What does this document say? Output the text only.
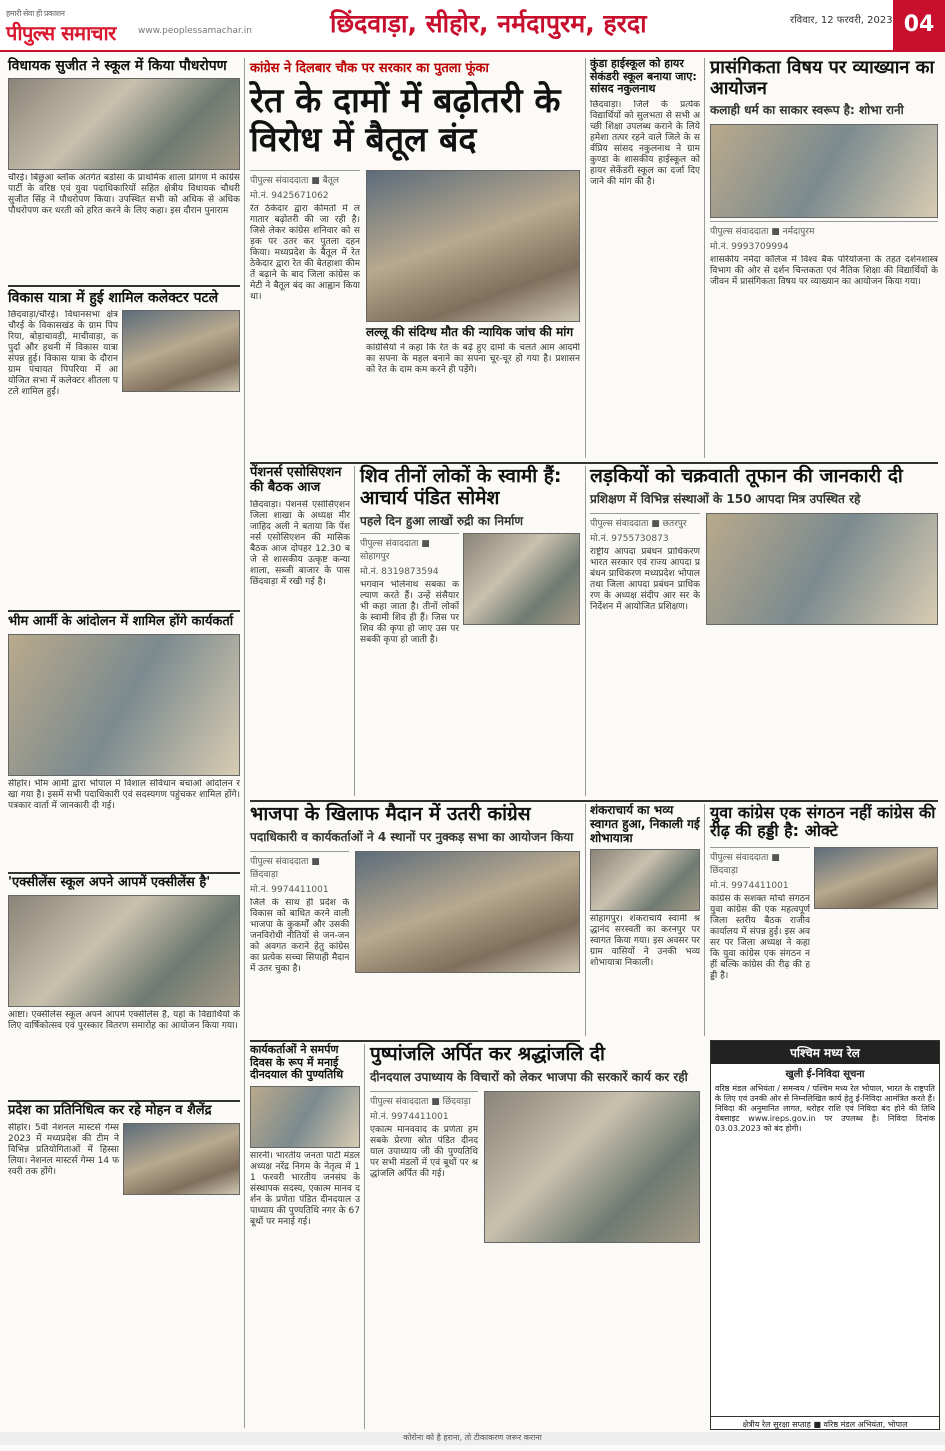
हमारी सेवा ही प्रकाशन
पीपुल्स समाचार www.peoplessamachar.in	छिंदवाड़ा, सीहोर, नर्मदापुरम, हरदा	रविवार, 12 फरवरी, 2023 04
विधायक सुजीत ने स्कूल में किया पौधरोपण
चौरई। बिछुआ ब्लॉक अंतर्गत बडोसा के प्राथमिक शाला प्रांगण में कांग्रेस पार्टी के वरिष्ठ एवं युवा पदाधिकारियों सहित क्षेत्रीय विधायक चौधरी सुजीत सिंह ने पौधरोपण किया। उपस्थित सभी को अधिक से अधिक पौधरोपण कर धरती को हरित करने के लिए कहा। इस दौरान पुनाराम
विकास यात्रा में हुई शामिल कलेक्टर पटले
छिंदवाड़ा/चौरई। विधानसभा क्षेत्र चौरई के विकासखंड के ग्राम पिपरिया, बोड़ाचावड़ी, माचीवाड़ा, कपुर्दा और हथनी में विकास यात्रा संपन्न हुई। विकास यात्रा के दौरान ग्राम पंचायत पिपरिया में आयोजित सभा में कलेक्टर शीतला पटले शामिल हुईं।
भीम आर्मी के आंदोलन में शामिल होंगे कार्यकर्ता
सीहोर। भीम आर्मी द्वारा भोपाल में विशाल संविधान बचाओ आंदोलन रखा गया है। इसमें सभी पदाधिकारी एवं सदस्यगण पहुंचकर शामिल होंगे। पत्रकार वार्ता में जानकारी दी गई।
'एक्सीलेंस स्कूल अपने आपमें एक्सीलेंस है'
आष्टा। एक्सीलेंस स्कूल अपने आपमें एक्सीलेंस है, यहां के विद्यार्थियों के लिए वार्षिकोत्सव एवं पुरस्कार वितरण समारोह का आयोजन किया गया।
प्रदेश का प्रतिनिधित्व कर रहे मोहन व शैलेंद्र
सीहोर। 5वीं नेशनल मास्टर्स गेम्स 2023 में मध्यप्रदेश की टीम ने विभिन्न प्रतियोगिताओं में हिस्सा लिया। नेशनल मास्टर्स गेम्स 14 फरवरी तक होंगे।
कांग्रेस ने दिलबार चौक पर सरकार का पुतला फूंका
रेत के दामों में बढ़ोतरी के विरोध में बैतूल बंद
पीपुल्स संवाददाता ■ बैतूल
मो.नं. 9425671062
रेत ठेकेदार द्वारा कीमतों में लगातार बढ़ोतरी की जा रही है। जिसे लेकर कांग्रेस शनिवार को सड़क पर उतर कर पुतला दहन किया। मध्यप्रदेश के बैतूल में रेत ठेकेदार द्वारा रेत की बेतहाशा कीमतें बढ़ाने के बाद जिला कांग्रेस कमेटी ने बैतूल बंद का आह्वान किया था।
लल्लू की संदिग्ध मौत की न्यायिक जांच की मांग
कांग्रेसियों ने कहा कि रेत के बढ़े हुए दामों के चलते आम आदमी का सपना के महल बनाने का सपना चूर-चूर हो गया है। प्रशासन को रेत के दाम कम करने ही पड़ेंगे।
कुंडा हाईस्कूल को हायर सेकंडरी स्कूल बनाया जाए: सांसद नकुलनाथ
छिंदवाड़ा। जिले के प्रत्येक विद्यार्थियों को सुलभता से सभी अच्छी शिक्षा उपलब्ध कराने के लिये हमेशा तत्पर रहने वाले जिले के सर्वप्रिय सांसद नकुलनाथ ने ग्राम कुण्डा के शासकीय हाईस्कूल को हायर सेकेंडरी स्कूल का दर्जा दिए जाने की मांग की है।
प्रासंगिकता विषय पर व्याख्यान का आयोजन
कलाही धर्म का साकार स्वरूप है: शोभा रानी
पीपुल्स संवाददाता ■ नर्मदापुरम
मो.नं. 9993709994
शासकीय नर्मदा कॉलेज में विश्व बैंक परियोजना के तहत दर्शनशास्त्र विभाग की ओर से दर्शन चिन्तकता एवं नैतिक शिक्षा की विद्यार्थियों के जीवन में प्रासंगिकता विषय पर व्याख्यान का आयोजन किया गया।
पेंशनर्स एसोसिएशन की बैठक आज
छिंदवाड़ा। पेंशनर्स एसोसिएशन जिला शाखा के अध्यक्ष मीर जाहिद अली ने बताया कि पेंशनर्स एसोसिएशन की मासिक बैठक आज दोपहर 12.30 बजे से शासकीय उत्कृष्ट कन्या शाला, सब्जी बाजार के पास छिंदवाड़ा में रखी गई है।
शिव तीनों लोकों के स्वामी हैं: आचार्य पंडित सोमेश
पहले दिन हुआ लाखों रुद्री का निर्माण
पीपुल्स संवाददाता ■ सोहागपुर
मो.नं. 8319873594
भगवान भोलेनाथ सबका कल्याण करते हैं। उन्हें संसैयार भी कहा जाता है। तीनों लोकों के स्वामी शिव ही हैं। जिस पर शिव की कृपा हो जाए उस पर सबकी कृपा हो जाती है।
लड़कियों को चक्रवाती तूफान की जानकारी दी
प्रशिक्षण में विभिन्न संस्थाओं के 150 आपदा मित्र उपस्थित रहे
पीपुल्स संवाददाता ■ छतरपुर
मो.नं. 9755730873
राष्ट्रीय आपदा प्रबंधन प्राधिकरण भारत सरकार एवं राज्य आपदा प्रबंधन प्राधिकरण मध्यप्रदेश भोपाल तथा जिला आपदा प्रबंधन प्राधिकरण के अध्यक्ष संदीप आर सर के निर्देशन में आयोजित प्रशिक्षण।
भाजपा के खिलाफ मैदान में उतरी कांग्रेस
पदाधिकारी व कार्यकर्ताओं ने 4 स्थानों पर नुक्कड़ सभा का आयोजन किया
पीपुल्स संवाददाता ■ छिंदवाड़ा
मो.नं. 9974411001
जिले के साथ ही प्रदेश के विकास को बाधित करने वाली भाजपा के कुकर्मों और उसकी जनविरोधी नीतियों से जन-जन को अवगत कराने हेतु कांग्रेस का प्रत्येक सच्चा सिपाही मैदान में उतर चुका है।
शंकराचार्य का भव्य स्वागत हुआ, निकाली गई शोभायात्रा
सोहागपुर। शंकराचार्य स्वामी श्रद्धानंद सरस्वती का करनपुर पर स्वागत किया गया। इस अवसर पर ग्राम वासियों ने उनकी भव्य शोभायात्रा निकाली।
युवा कांग्रेस एक संगठन नहीं कांग्रेस की रीढ़ की हड्डी है: ओक्टे
पीपुल्स संवाददाता ■ छिंदवाड़ा
मो.नं. 9974411001
कांग्रेस के सशक्त मोर्चा संगठन युवा कांग्रेस की एक महत्वपूर्ण जिला स्तरीय बैठक राजीव कार्यालय में संपन्न हुई। इस अवसर पर जिला अध्यक्ष ने कहा कि युवा कांग्रेस एक संगठन नहीं बल्कि कांग्रेस की रीढ़ की हड्डी है।
कार्यकर्ताओं ने समर्पण दिवस के रूप में मनाई दीनदयाल की पुण्यतिथि
सारनी। भारतीय जनता पार्टी मंडल अध्यक्ष नरेंद्र निगम के नेतृत्व में 11 फरवरी भारतीय जनसंघ के संस्थापक सदस्य, एकात्म मानव दर्शन के प्रणेता पंडित दीनदयाल उपाध्याय की पुण्यतिथि नगर के 67 बूथों पर मनाई गई।
पुष्पांजलि अर्पित कर श्रद्धांजलि दी
दीनदयाल उपाध्याय के विचारों को लेकर भाजपा की सरकारें कार्य कर रही
पीपुल्स संवाददाता ■ छिंदवाड़ा
मो.नं. 9974411001
एकात्म मानववाद के प्रणेता हम सबके प्रेरणा स्रोत पंडित दीनदयाल उपाध्याय जी की पुण्यतिथि पर सभी मंडलों में एवं बूथों पर श्रद्धांजलि अर्पित की गई।
पश्चिम मध्य रेल
खुली ई-निविदा सूचना
वरिष्ठ मंडल अभियंता / समन्वय / पश्चिम मध्य रेल भोपाल, भारत के राष्ट्रपति के लिए एवं उनकी ओर से निम्नलिखित कार्य हेतु ई-निविदा आमंत्रित करते हैं। निविदा की अनुमानित लागत, धरोहर राशि एवं निविदा बंद होने की तिथि वेबसाइट www.ireps.gov.in पर उपलब्ध है। निविदा दिनांक 03.03.2023 को बंद होगी।
क्षेत्रीय रेल सुरक्षा सप्ताह ■ वरिष्ठ मंडल अभियंता, भोपाल
कोरोना को है हराना, तो टीकाकरण जरूर कराना
